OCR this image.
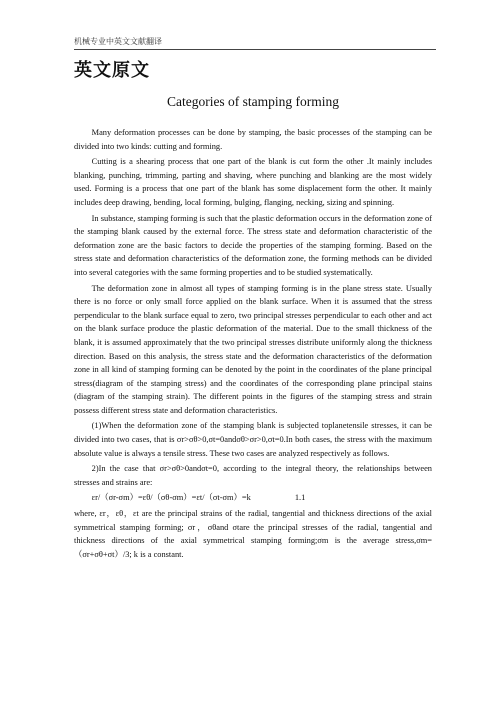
机械专业中英文文献翻译
英文原文
Categories of stamping forming

Many deformation processes can be done by stamping, the basic processes of the stamping can be divided into two kinds: cutting and forming.

Cutting is a shearing process that one part of the blank is cut form the other .It mainly includes blanking, punching, trimming, parting and shaving, where punching and blanking are the most widely used. Forming is a process that one part of the blank has some displacement form the other. It mainly includes deep drawing, bending, local forming, bulging, flanging, necking, sizing and spinning.

In substance, stamping forming is such that the plastic deformation occurs in the deformation zone of the stamping blank caused by the external force. The stress state and deformation characteristic of the deformation zone are the basic factors to decide the properties of the stamping forming. Based on the stress state and deformation characteristics of the deformation zone, the forming methods can be divided into several categories with the same forming properties and to be studied systematically.

The deformation zone in almost all types of stamping forming is in the plane stress state. Usually there is no force or only small force applied on the blank surface. When it is assumed that the stress perpendicular to the blank surface equal to zero, two principal stresses perpendicular to each other and act on the blank surface produce the plastic deformation of the material. Due to the small thickness of the blank, it is assumed approximately that the two principal stresses distribute uniformly along the thickness direction. Based on this analysis, the stress state and the deformation characteristics of the deformation zone in all kind of stamping forming can be denoted by the point in the coordinates of the plane principal stress(diagram of the stamping stress) and the coordinates of the corresponding plane principal stains (diagram of the stamping strain). The different points in the figures of the stamping stress and strain possess different stress state and deformation characteristics.

(1)When the deformation zone of the stamping blank is subjected toplanetensile stresses, it can be divided into two cases, that is σr>σθ>0,σt=0andσθ>σr>0,σt=0.In both cases, the stress with the maximum absolute value is always a tensile stress. These two cases are analyzed respectively as follows.

2)In the case that σr>σθ>0andσt=0, according to the integral theory, the relationships between stresses and strains are:

εr/（σr-σm）=εθ/（σθ-σm）=εt/（σt-σm）=k	1.1

where, εr，εθ，εt are the principal strains of the radial, tangential and thickness directions of the axial symmetrical stamping forming; σr，σθand σtare the principal stresses of the radial, tangential and thickness directions of the axial symmetrical stamping forming;σm is the average stress,σm=（σr+σθ+σt）/3; k is a constant.
